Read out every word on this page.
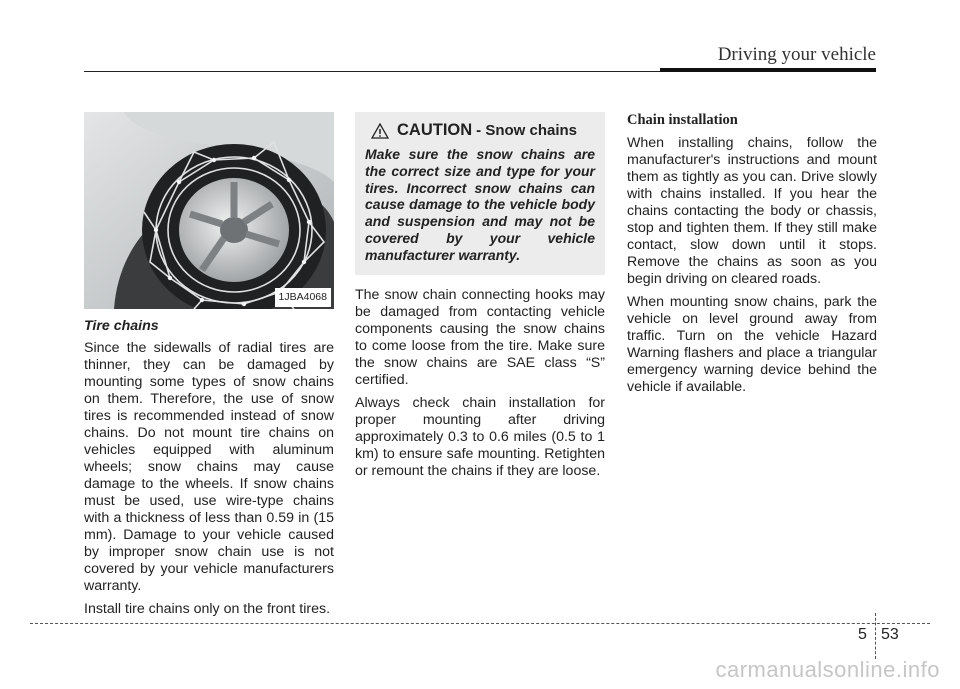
Driving your vehicle
1JBA4068
Tire chains

Since the sidewalls of radial tires are thinner, they can be damaged by mounting some types of snow chains on them. Therefore, the use of snow tires is recommended instead of snow chains. Do not mount tire chains on vehicles equipped with aluminum wheels; snow chains may cause damage to the wheels. If snow chains must be used, use wire-type chains with a thickness of less than 0.59 in (15 mm). Damage to your vehicle caused by improper snow chain use is not covered by your vehicle manufacturers warranty.

Install tire chains only on the front tires.

CAUTION - Snow chains

Make sure the snow chains are the correct size and type for your tires. Incorrect snow chains can cause damage to the vehicle body and suspension and may not be covered by your vehicle manufacturer warranty.

The snow chain connecting hooks may be damaged from contacting vehicle components causing the snow chains to come loose from the tire. Make sure the snow chains are SAE class “S” certified.

Always check chain installation for proper mounting after driving approximately 0.3 to 0.6 miles (0.5 to 1 km) to ensure safe mounting. Retighten or remount the chains if they are loose.

Chain installation

When installing chains, follow the manufacturer's instructions and mount them as tightly as you can. Drive slowly with chains installed. If you hear the chains contacting the body or chassis, stop and tighten them. If they still make contact, slow down until it stops. Remove the chains as soon as you begin driving on cleared roads.

When mounting snow chains, park the vehicle on level ground away from traffic. Turn on the vehicle Hazard Warning flashers and place a triangular emergency warning device behind the vehicle if available.

5 53
carmanualsonline.info
